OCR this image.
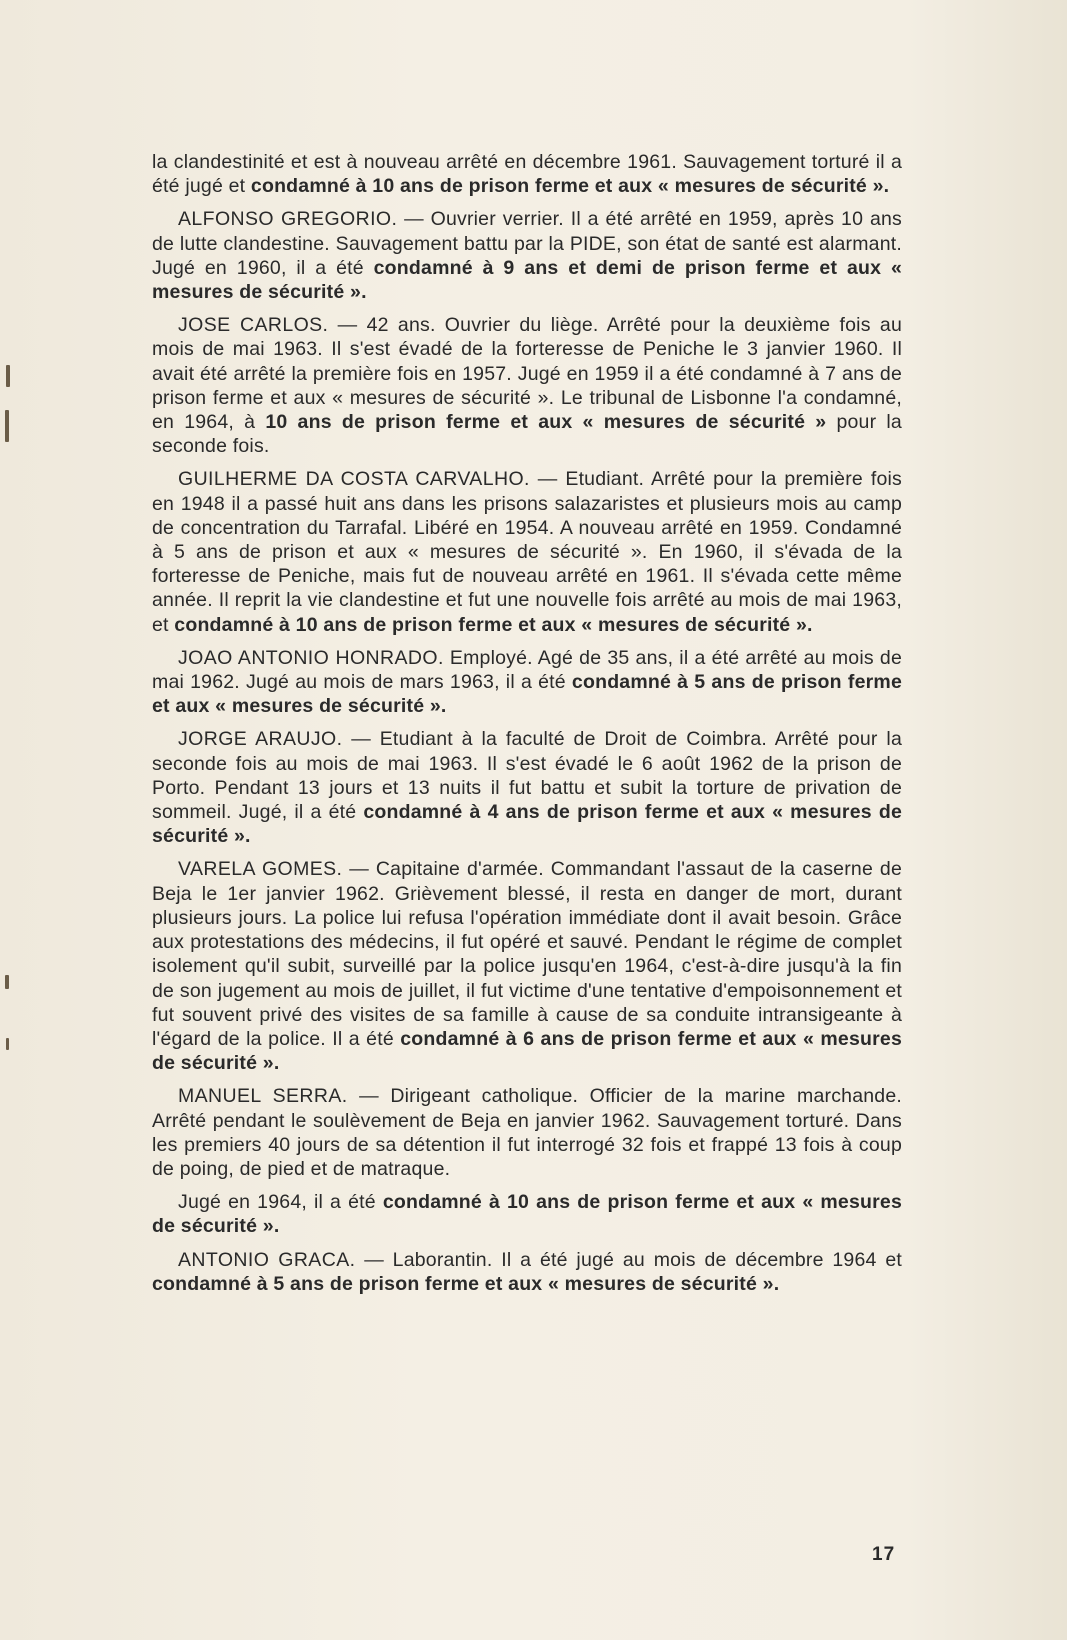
la clandestinité et est à nouveau arrêté en décembre 1961. Sauvagement torturé il a été jugé et condamné à 10 ans de prison ferme et aux « mesures de sécurité ».

ALFONSO GREGORIO. — Ouvrier verrier. Il a été arrêté en 1959, après 10 ans de lutte clandestine. Sauvagement battu par la PIDE, son état de santé est alarmant. Jugé en 1960, il a été condamné à 9 ans et demi de prison ferme et aux « mesures de sécurité ».

JOSE CARLOS. — 42 ans. Ouvrier du liège. Arrêté pour la deuxième fois au mois de mai 1963. Il s'est évadé de la forteresse de Peniche le 3 janvier 1960. Il avait été arrêté la première fois en 1957. Jugé en 1959 il a été condamné à 7 ans de prison ferme et aux « mesures de sécurité ». Le tribunal de Lisbonne l'a condamné, en 1964, à 10 ans de prison ferme et aux « mesures de sécurité » pour la seconde fois.

GUILHERME DA COSTA CARVALHO. — Etudiant. Arrêté pour la première fois en 1948 il a passé huit ans dans les prisons salazaristes et plusieurs mois au camp de concentration du Tarrafal. Libéré en 1954. A nouveau arrêté en 1959. Condamné à 5 ans de prison et aux « mesures de sécurité ». En 1960, il s'évada de la forteresse de Peniche, mais fut de nouveau arrêté en 1961. Il s'évada cette même année. Il reprit la vie clandestine et fut une nouvelle fois arrêté au mois de mai 1963, et condamné à 10 ans de prison ferme et aux « mesures de sécurité ».

JOAO ANTONIO HONRADO. Employé. Agé de 35 ans, il a été arrêté au mois de mai 1962. Jugé au mois de mars 1963, il a été condamné à 5 ans de prison ferme et aux « mesures de sécurité ».

JORGE ARAUJO. — Etudiant à la faculté de Droit de Coimbra. Arrêté pour la seconde fois au mois de mai 1963. Il s'est évadé le 6 août 1962 de la prison de Porto. Pendant 13 jours et 13 nuits il fut battu et subit la torture de privation de sommeil. Jugé, il a été condamné à 4 ans de prison ferme et aux « mesures de sécurité ».

VARELA GOMES. — Capitaine d'armée. Commandant l'assaut de la caserne de Beja le 1er janvier 1962. Grièvement blessé, il resta en danger de mort, durant plusieurs jours. La police lui refusa l'opération immédiate dont il avait besoin. Grâce aux protestations des médecins, il fut opéré et sauvé. Pendant le régime de complet isolement qu'il subit, surveillé par la police jusqu'en 1964, c'est-à-dire jusqu'à la fin de son jugement au mois de juillet, il fut victime d'une tentative d'empoisonnement et fut souvent privé des visites de sa famille à cause de sa conduite intransigeante à l'égard de la police. Il a été condamné à 6 ans de prison ferme et aux « mesures de sécurité ».

MANUEL SERRA. — Dirigeant catholique. Officier de la marine marchande. Arrêté pendant le soulèvement de Beja en janvier 1962. Sauvagement torturé. Dans les premiers 40 jours de sa détention il fut interrogé 32 fois et frappé 13 fois à coup de poing, de pied et de matraque.

Jugé en 1964, il a été condamné à 10 ans de prison ferme et aux « mesures de sécurité ».

ANTONIO GRACA. — Laborantin. Il a été jugé au mois de décembre 1964 et condamné à 5 ans de prison ferme et aux « mesures de sécurité ».

17
